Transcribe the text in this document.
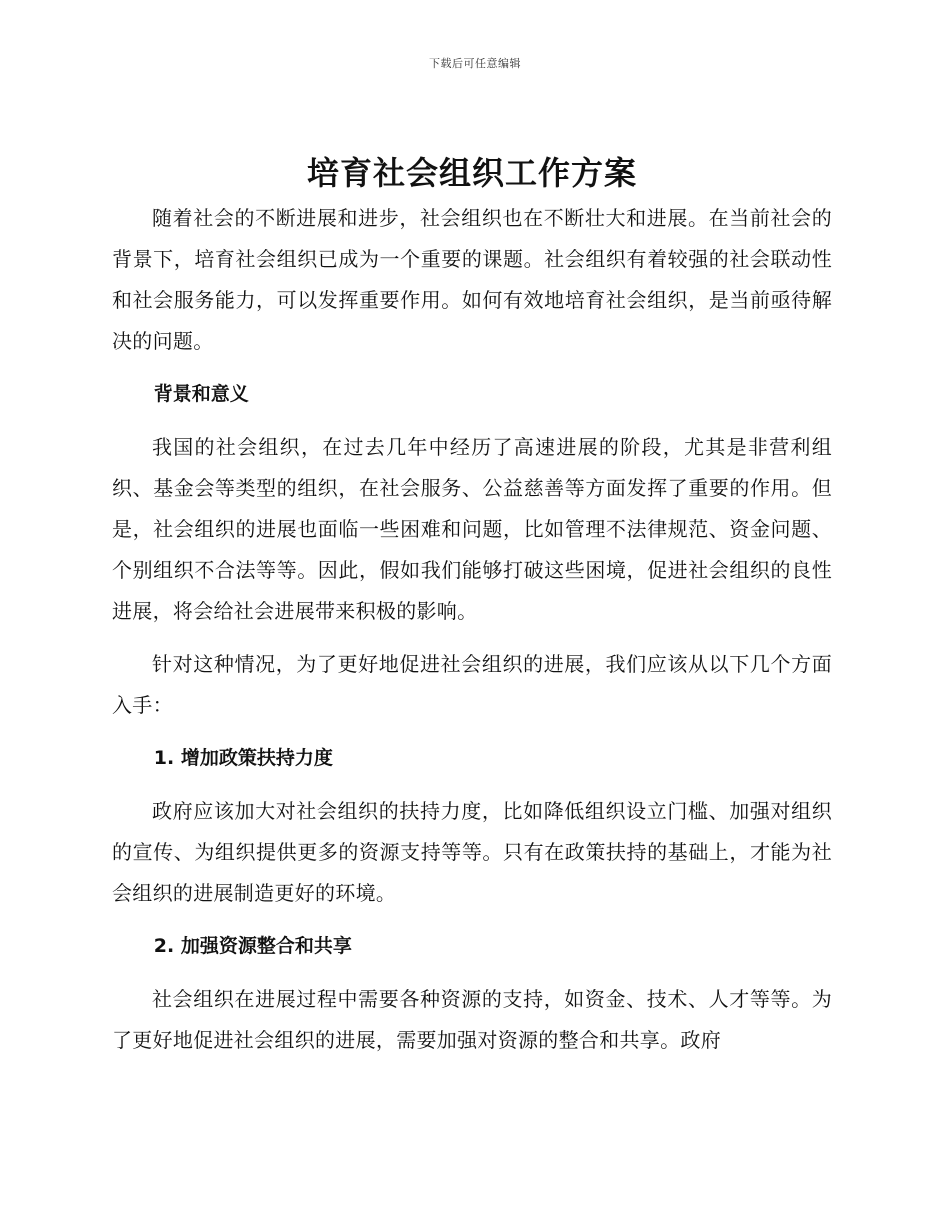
下载后可任意编辑
培育社会组织工作方案

随着社会的不断进展和进步，社会组织也在不断壮大和进展。在当前社会的背景下，培育社会组织已成为一个重要的课题。社会组织有着较强的社会联动性和社会服务能力，可以发挥重要作用。如何有效地培育社会组织，是当前亟待解决的问题。

背景和意义

我国的社会组织，在过去几年中经历了高速进展的阶段，尤其是非营利组织、基金会等类型的组织，在社会服务、公益慈善等方面发挥了重要的作用。但是，社会组织的进展也面临一些困难和问题，比如管理不法律规范、资金问题、个别组织不合法等等。因此，假如我们能够打破这些困境，促进社会组织的良性进展，将会给社会进展带来积极的影响。

针对这种情况，为了更好地促进社会组织的进展，我们应该从以下几个方面入手：

1. 增加政策扶持力度

政府应该加大对社会组织的扶持力度，比如降低组织设立门槛、加强对组织的宣传、为组织提供更多的资源支持等等。只有在政策扶持的基础上，才能为社会组织的进展制造更好的环境。

2. 加强资源整合和共享

社会组织在进展过程中需要各种资源的支持，如资金、技术、人才等等。为了更好地促进社会组织的进展，需要加强对资源的整合和共享。政府
